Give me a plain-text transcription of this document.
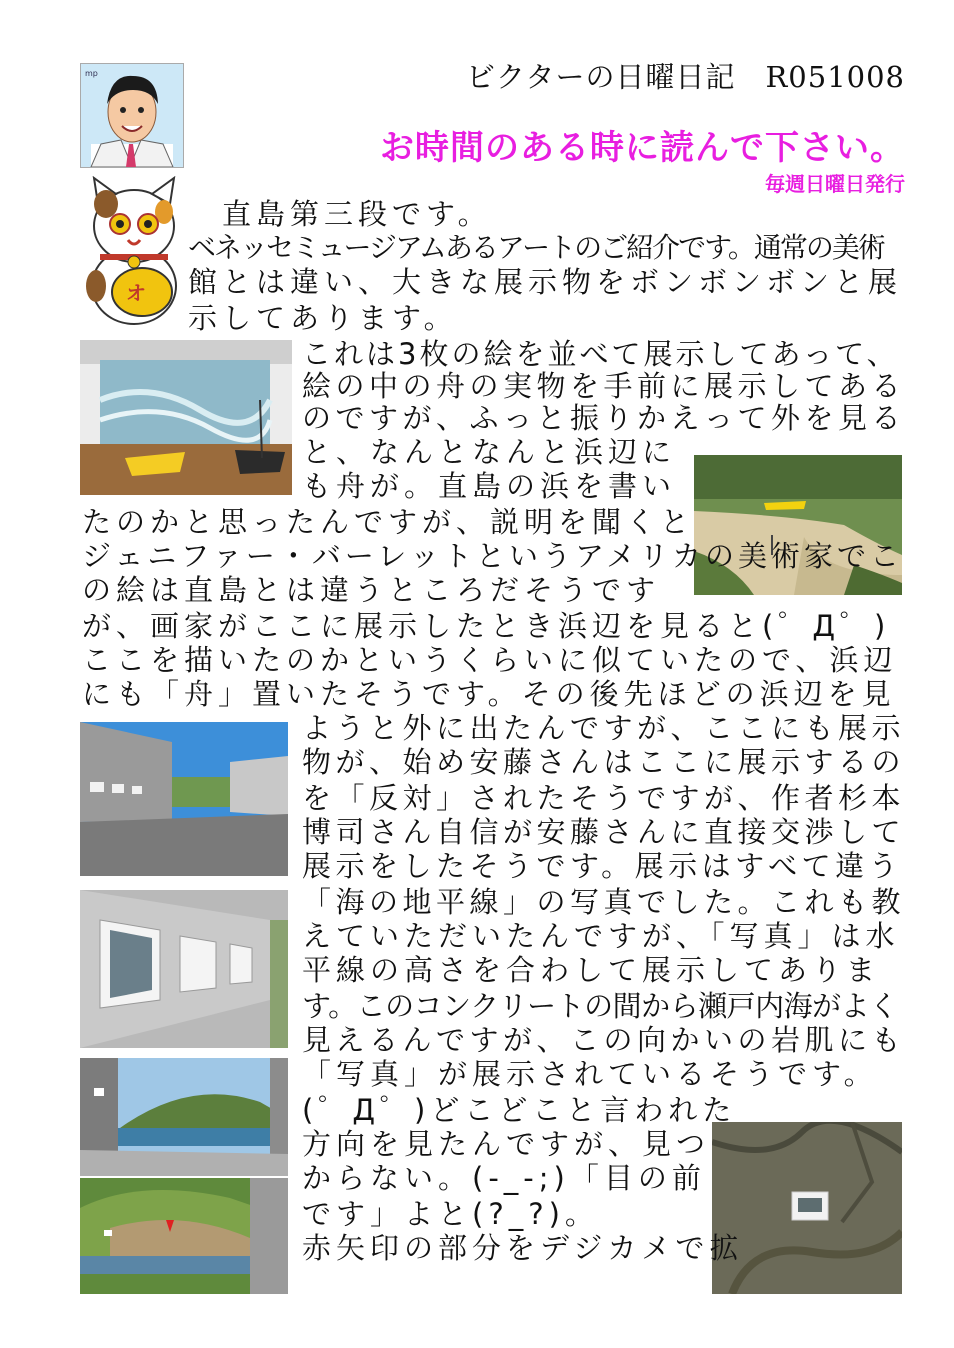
mp	ビクターの日曜日記　R051008
お時間のある時に読んで下さい。
毎週日曜日発行
オ
　直島第三段です。
ベネッセミュージアムあるアートのご紹介です。通常の美術
館とは違い、大きな展示物をボンボンボンと展
示してあります。
これは3枚の絵を並べて展示してあって、
絵の中の舟の実物を手前に展示してある
のですが、ふっと振りかえって外を見る
と、なんとなんと浜辺に
も舟が。直島の浜を書い
たのかと思ったんですが、説明を聞くと
ジェニファー・バーレットというアメリカの美術家でこ
の絵は直島とは違うところだそうです
が、画家がここに展示したとき浜辺を見ると(゜Д゜)
ここを描いたのかというくらいに似ていたので、浜辺
にも「舟」置いたそうです。その後先ほどの浜辺を見
ようと外に出たんですが、ここにも展示
物が、始め安藤さんはここに展示するの
を「反対」されたそうですが、作者杉本
博司さん自信が安藤さんに直接交渉して
展示をしたそうです。展示はすべて違う
「海の地平線」の写真でした。これも教
えていただいたんですが、「写真」は水
平線の高さを合わして展示してありま
す。このコンクリートの間から瀬戸内海がよく
見えるんですが、この向かいの岩肌にも
「写真」が展示されているそうです。
(゜Д゜)どこどこと言われた
方向を見たんですが、見つ
からない。(-_-;)「目の前
です」よと(?_?)。
赤矢印の部分をデジカメで拡
